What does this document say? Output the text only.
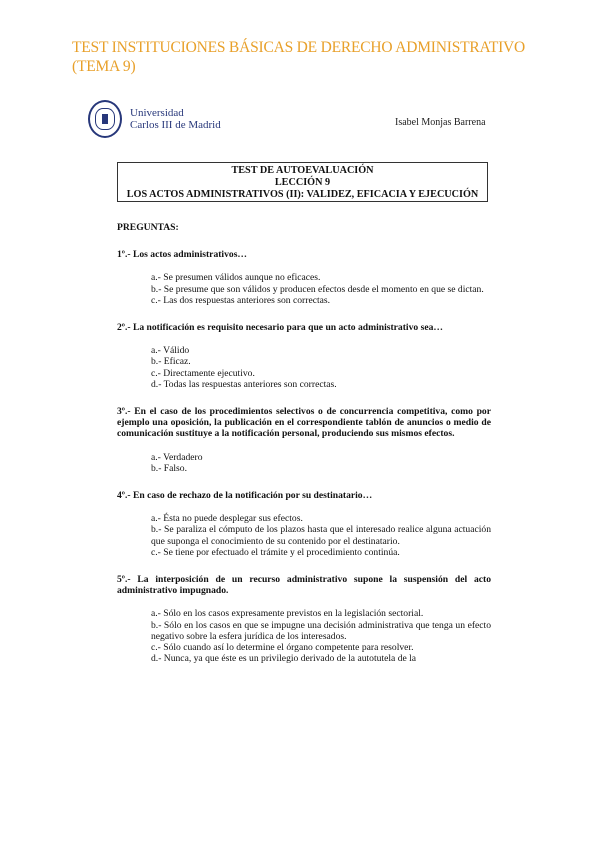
TEST INSTITUCIONES BÁSICAS DE DERECHO ADMINISTRATIVO (TEMA 9)
Universidad
Carlos III de Madrid	Isabel Monjas Barrena
TEST DE AUTOEVALUACIÓN
LECCIÓN 9
LOS ACTOS ADMINISTRATIVOS (II): VALIDEZ, EFICACIA Y EJECUCIÓN

PREGUNTAS:

1º.- Los actos administrativos…

a.- Se presumen válidos aunque no eficaces.
b.- Se presume que son válidos y producen efectos desde el momento en que se dictan.
c.- Las dos respuestas anteriores son correctas.

2º.- La notificación es requisito necesario para que un acto administrativo sea…

a.- Válido
b.- Eficaz.
c.- Directamente ejecutivo.
d.- Todas las respuestas anteriores son correctas.

3º.- En el caso de los procedimientos selectivos o de concurrencia competitiva, como por ejemplo una oposición, la publicación en el correspondiente tablón de anuncios o medio de comunicación sustituye a la notificación personal, produciendo sus mismos efectos.

a.- Verdadero
b.- Falso.

4º.- En caso de rechazo de la notificación por su destinatario…

a.- Ésta no puede desplegar sus efectos.
b.- Se paraliza el cómputo de los plazos hasta que el interesado realice alguna actuación que suponga el conocimiento de su contenido por el destinatario.
c.- Se tiene por efectuado el trámite y el procedimiento continúa.

5º.- La interposición de un recurso administrativo supone la suspensión del acto administrativo impugnado.

a.- Sólo en los casos expresamente previstos en la legislación sectorial.
b.- Sólo en los casos en que se impugne una decisión administrativa que tenga un efecto negativo sobre la esfera jurídica de los interesados.
c.- Sólo cuando así lo determine el órgano competente para resolver.
d.- Nunca, ya que éste es un privilegio derivado de la autotutela de la
